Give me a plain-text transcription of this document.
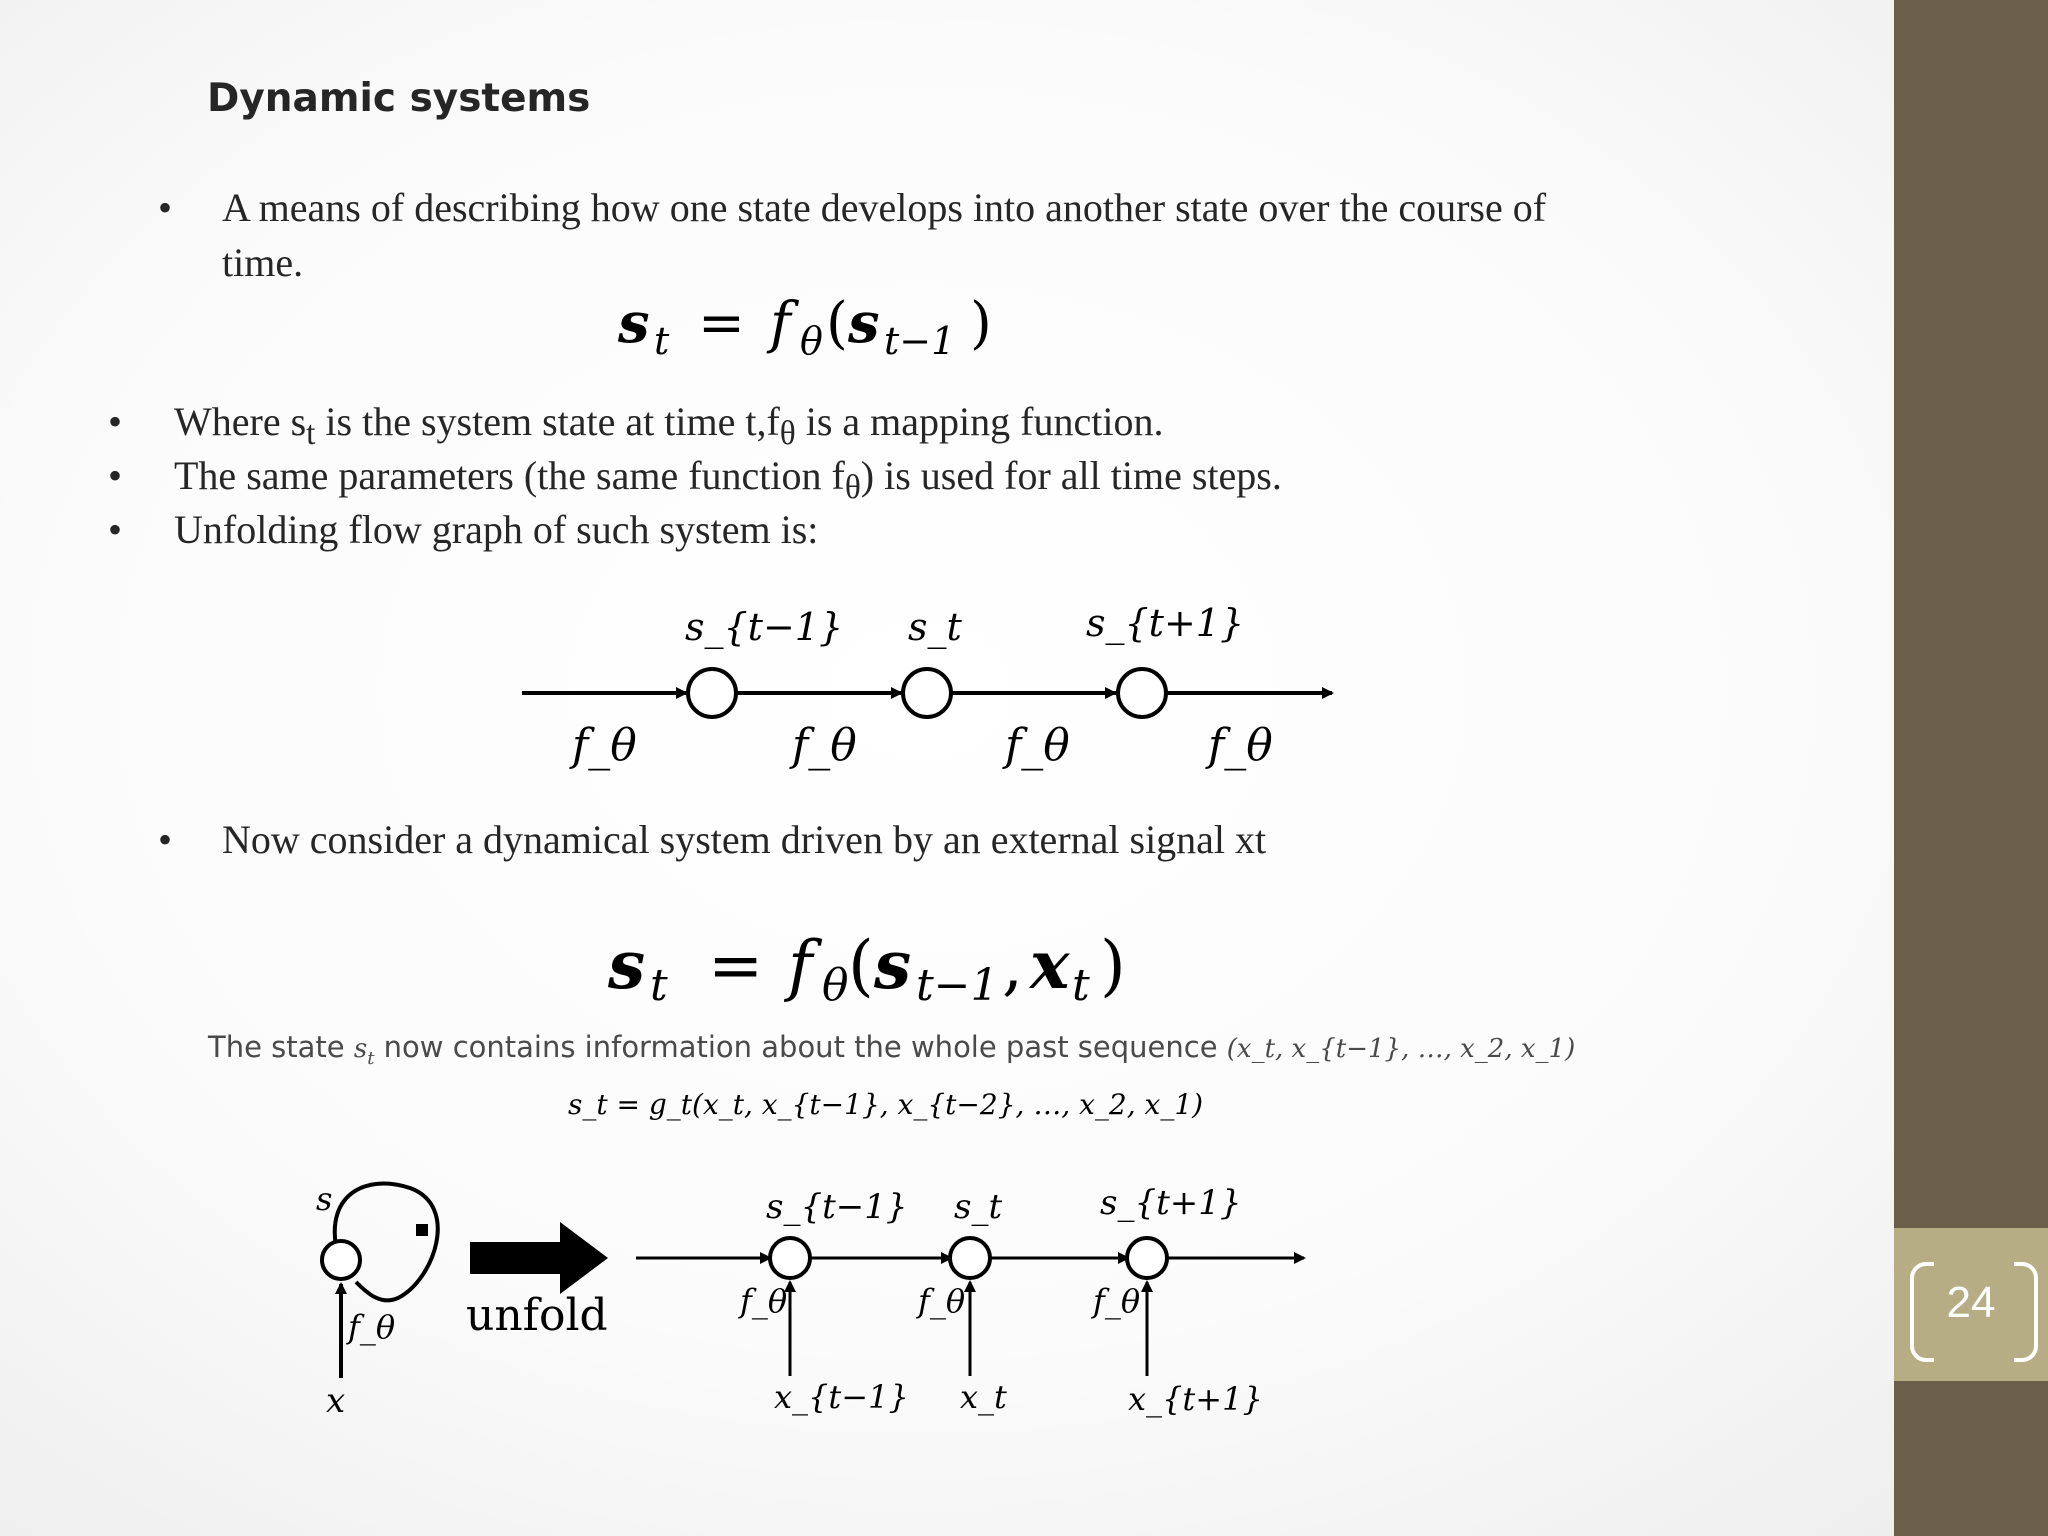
24
Dynamic systems
• A means of describing how one state develops into another state over the course of time.
s t = f θ ( s t−1 )
• Where $s_t$ is the system state at time $t,f_\theta$ is a mapping function.
• The same parameters (the same function $f_\theta$) is used for all time steps.
• Unfolding flow graph of such system is:
s_{t−1} s_t	s_{t+1}
f_θ	f_θ	f_θ	f_θ
• Now consider a dynamical system driven by an external signal xt
s t = f θ ( s t−1 , x t )
The state $s_t$ now contains information about the whole past sequence (x_t, x_{t−1}, …, x_2, x_1)
s_t = g_t(x_t, x_{t−1}, x_{t−2}, …, x_2, x_1)
s
f_θ
x
unfold
s_{t−1} s_t	s_{t+1}
f_θ	f_θ	f_θ
x_{t−1} x_t	x_{t+1}
